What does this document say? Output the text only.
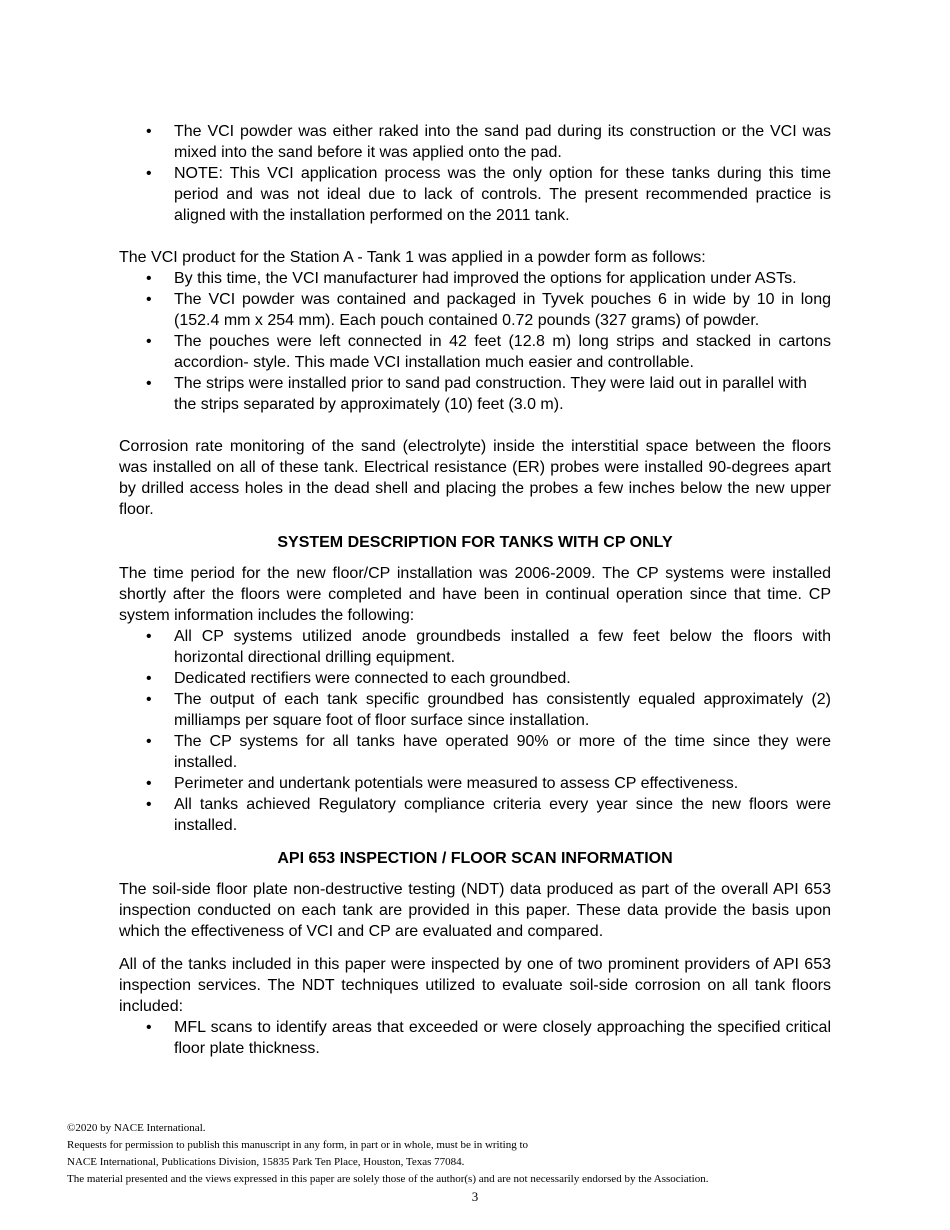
• The VCI powder was either raked into the sand pad during its construction or the VCI was mixed into the sand before it was applied onto the pad.
• NOTE: This VCI application process was the only option for these tanks during this time period and was not ideal due to lack of controls. The present recommended practice is aligned with the installation performed on the 2011 tank.

The VCI product for the Station A - Tank 1 was applied in a powder form as follows:

• By this time, the VCI manufacturer had improved the options for application under ASTs.
• The VCI powder was contained and packaged in Tyvek pouches 6 in wide by 10 in long (152.4 mm x 254 mm). Each pouch contained 0.72 pounds (327 grams) of powder.
• The pouches were left connected in 42 feet (12.8 m) long strips and stacked in cartons accordion- style. This made VCI installation much easier and controllable.
• The strips were installed prior to sand pad construction. They were laid out in parallel with the strips separated by approximately (10) feet (3.0 m).

Corrosion rate monitoring of the sand (electrolyte) inside the interstitial space between the floors was installed on all of these tank. Electrical resistance (ER) probes were installed 90-degrees apart by drilled access holes in the dead shell and placing the probes a few inches below the new upper floor.

SYSTEM DESCRIPTION FOR TANKS WITH CP ONLY

The time period for the new floor/CP installation was 2006-2009. The CP systems were installed shortly after the floors were completed and have been in continual operation since that time. CP system information includes the following:

• All CP systems utilized anode groundbeds installed a few feet below the floors with horizontal directional drilling equipment.
• Dedicated rectifiers were connected to each groundbed.
• The output of each tank specific groundbed has consistently equaled approximately (2) milliamps per square foot of floor surface since installation.
• The CP systems for all tanks have operated 90% or more of the time since they were installed.
• Perimeter and undertank potentials were measured to assess CP effectiveness.
• All tanks achieved Regulatory compliance criteria every year since the new floors were installed.
API 653 INSPECTION / FLOOR SCAN INFORMATION

The soil-side floor plate non-destructive testing (NDT) data produced as part of the overall API 653 inspection conducted on each tank are provided in this paper. These data provide the basis upon which the effectiveness of VCI and CP are evaluated and compared.

All of the tanks included in this paper were inspected by one of two prominent providers of API 653 inspection services. The NDT techniques utilized to evaluate soil-side corrosion on all tank floors included:

• MFL scans to identify areas that exceeded or were closely approaching the specified critical floor plate thickness.
©2020 by NACE International.
Requests for permission to publish this manuscript in any form, in part or in whole, must be in writing to
NACE International, Publications Division, 15835 Park Ten Place, Houston, Texas 77084.
The material presented and the views expressed in this paper are solely those of the author(s) and are not necessarily endorsed by the Association.
3
